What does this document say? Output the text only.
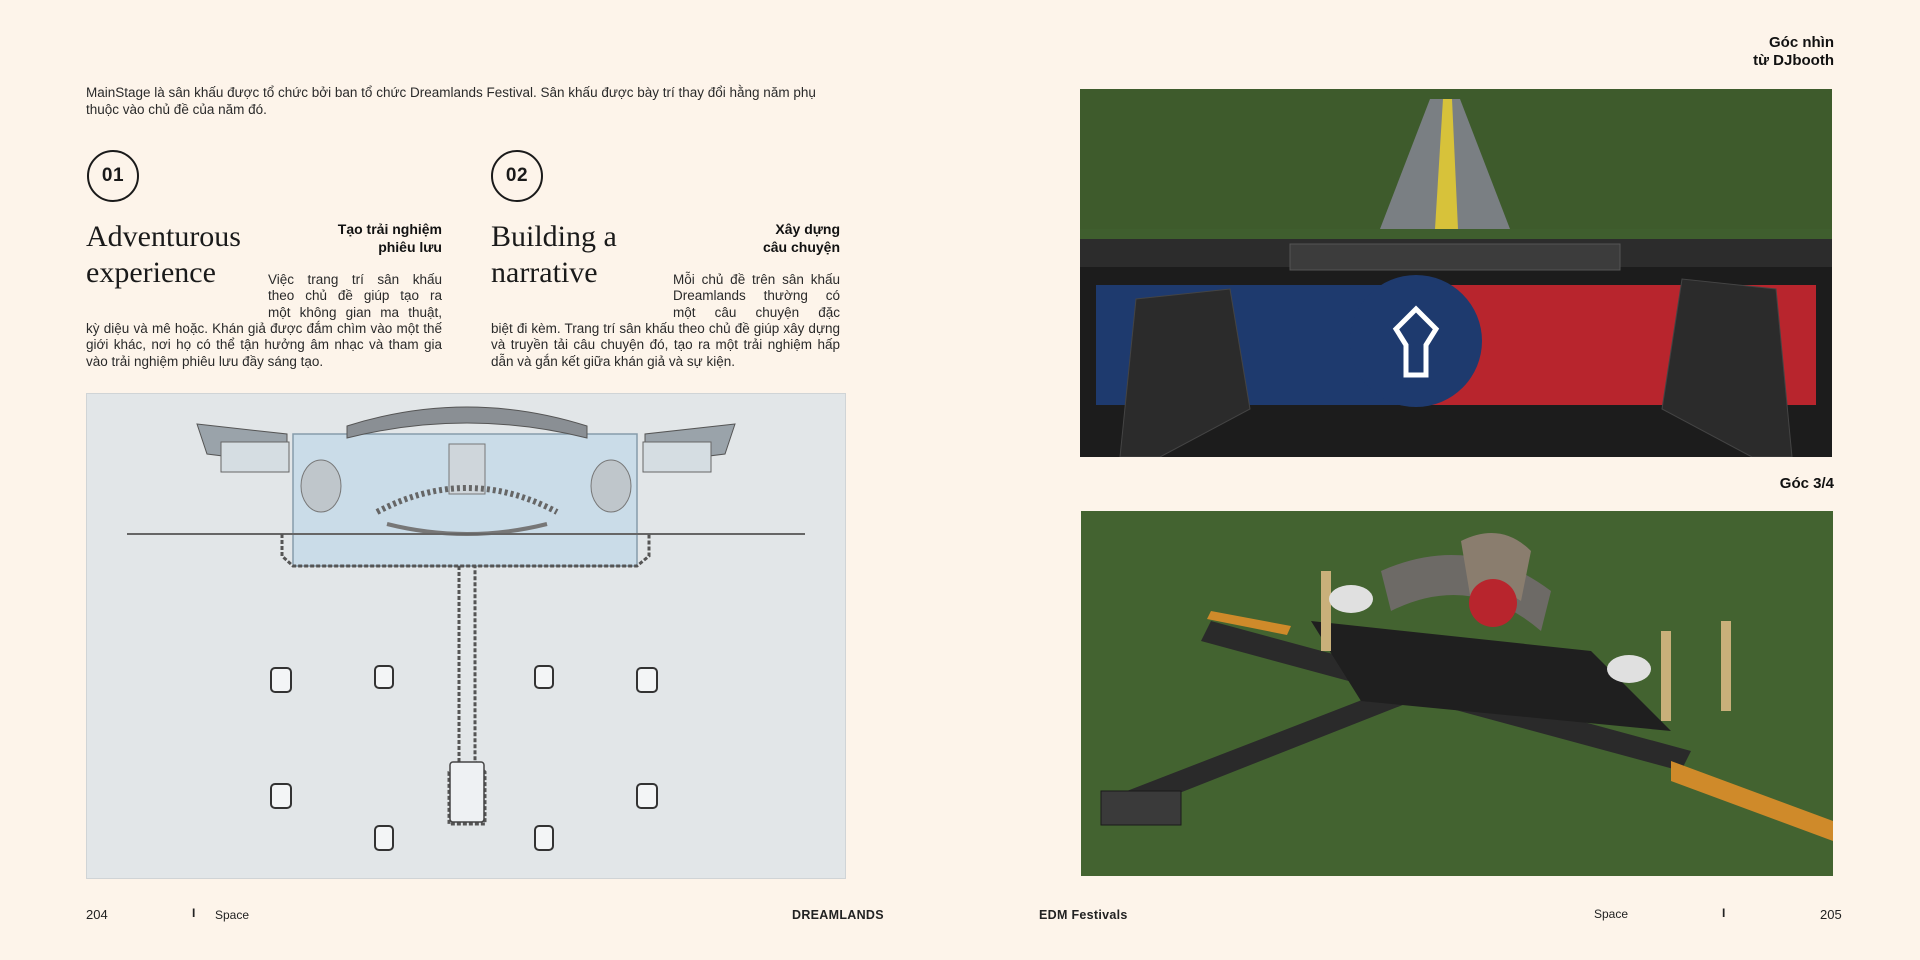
MainStage là sân khấu được tổ chức bởi ban tổ chức Dreamlands Festival. Sân khấu được bày trí thay đổi hằng năm phụ thuộc vào chủ đề của năm đó.
01
Adventurous
experience
Tạo trải nghiệm
phiêu lưu
Việc trang trí sân khấu
theo chủ đề giúp tạo ra
một không gian ma thuật,
kỳ diệu và mê hoặc. Khán giả được đắm chìm vào một thế giới khác, nơi họ có thể tận hưởng âm nhạc và tham gia vào trải nghiệm phiêu lưu đầy sáng tạo.
02
Building a
narrative
Xây dựng
câu chuyện
Mỗi chủ đề trên sân khấu
Dreamlands thường có
một câu chuyện đặc
biệt đi kèm. Trang trí sân khấu theo chủ đề giúp xây dựng và truyền tải câu chuyện đó, tạo ra một trải nghiệm hấp dẫn và gắn kết giữa khán giả và sự kiện.
Góc nhìn
từ DJbooth
Góc 3/4
204	I Space	DREAMLANDS	EDM Festivals	Space	I	205
